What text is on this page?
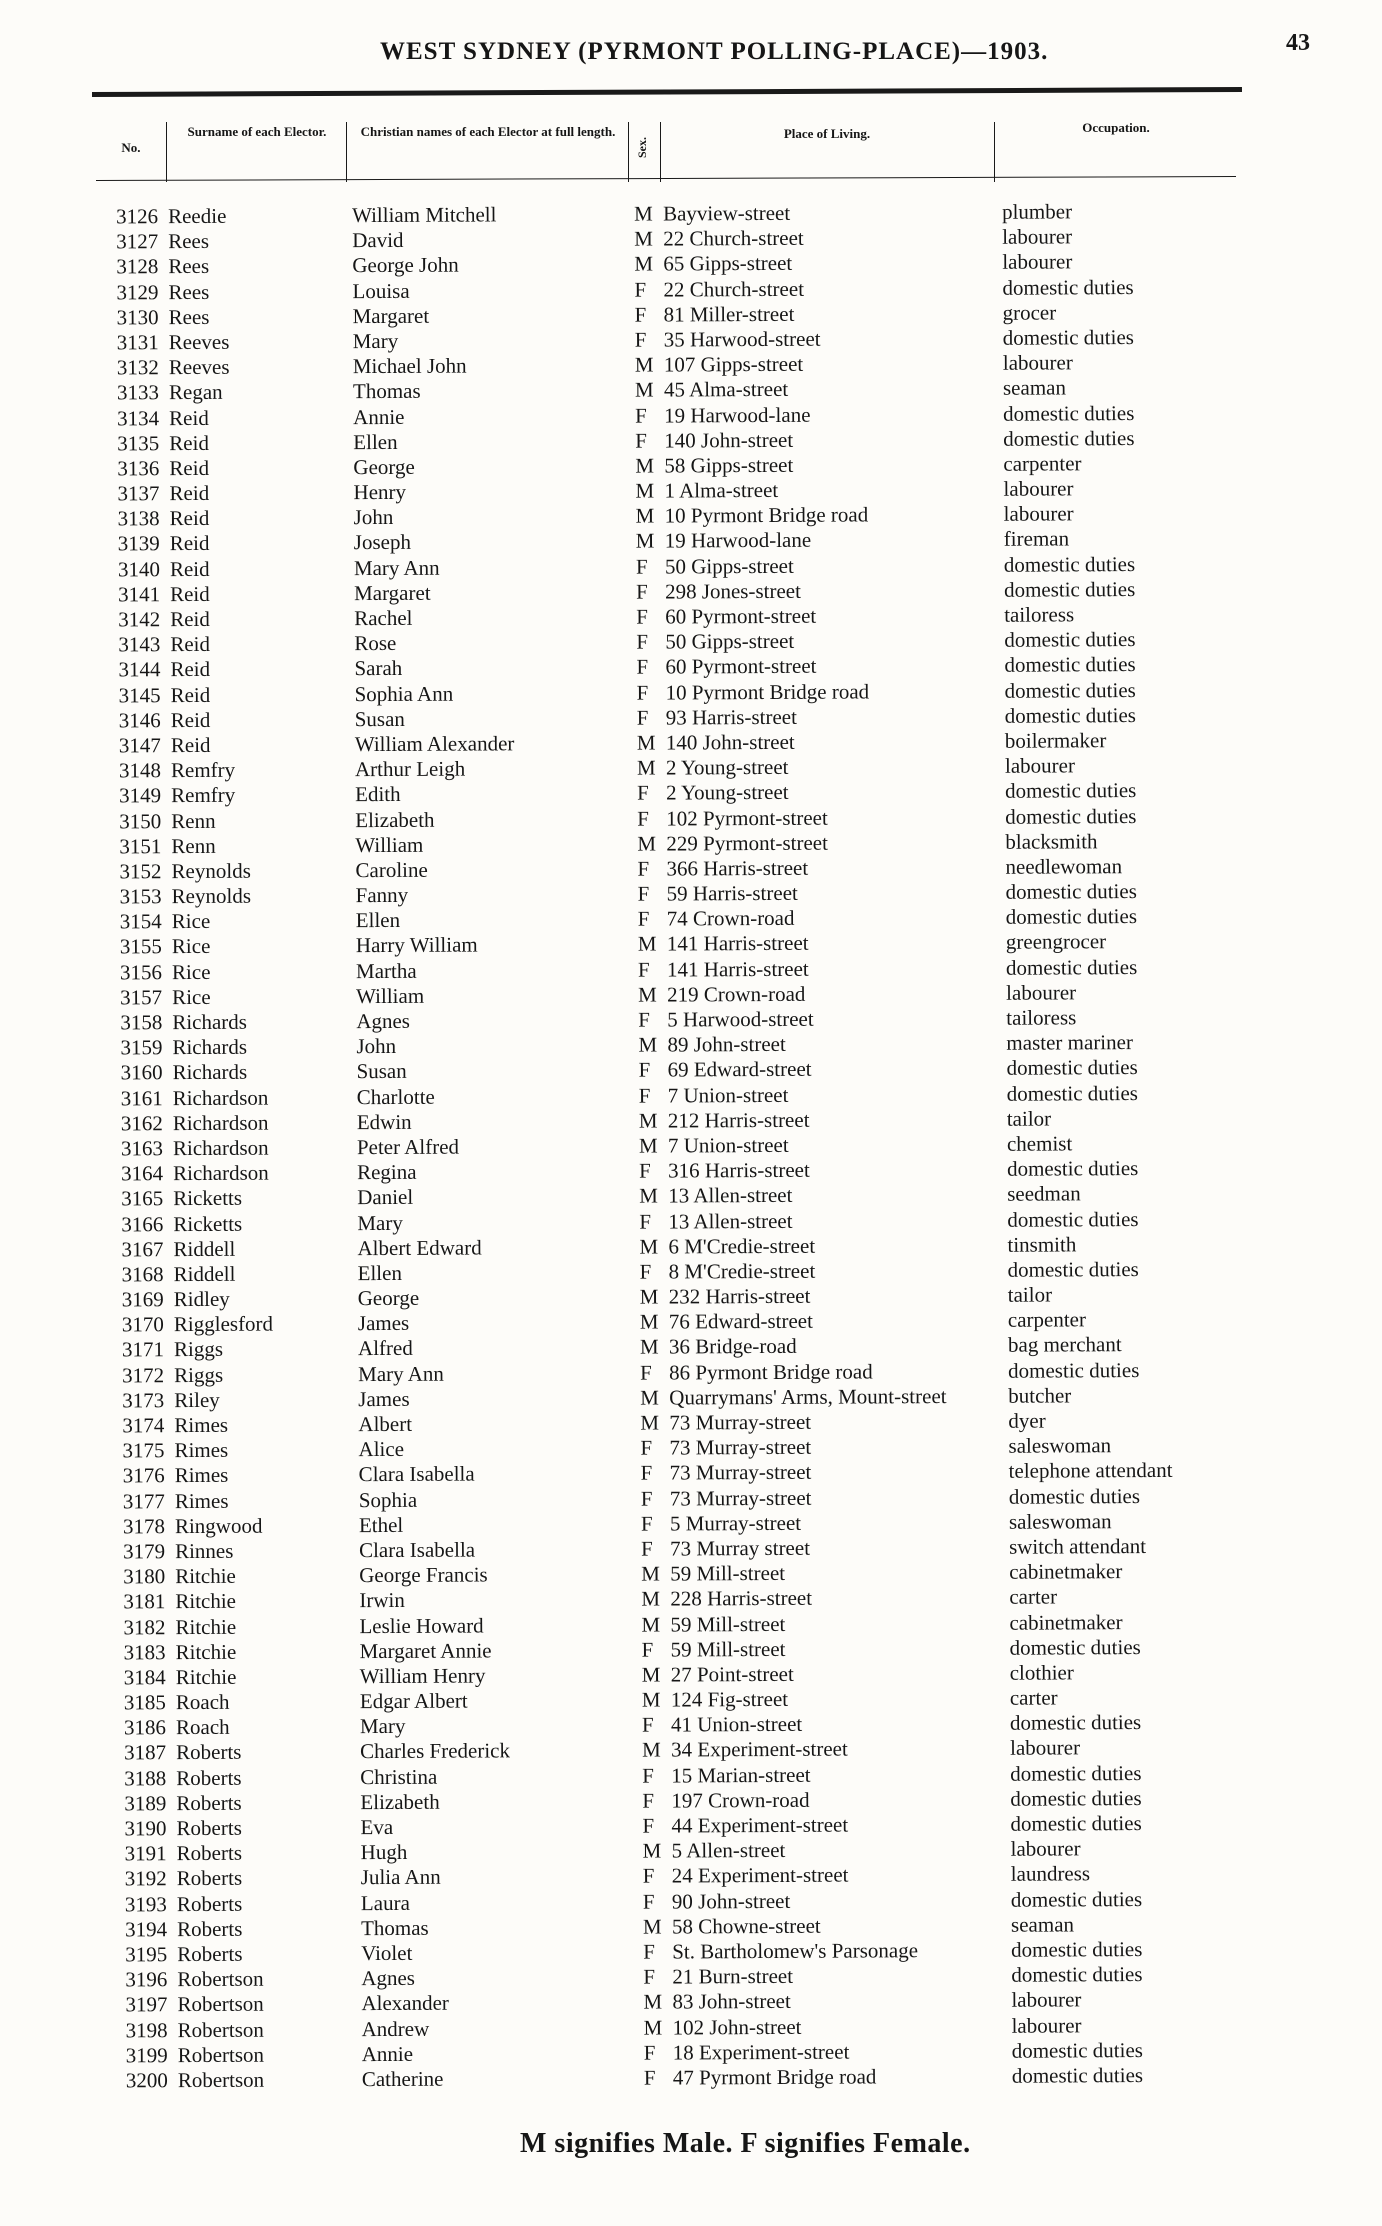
WEST SYDNEY (PYRMONT POLLING-PLACE)—1903.	43
No.
Surname of each Elector.	Christian names of each Elector at full length.
Sex.
Place of Living.	Occupation.
3126 Reedie	William Mitchell	M Bayview-street	plumber
3127 Rees	David	M 22 Church-street	labourer
3128 Rees	George John	M 65 Gipps-street	labourer
3129 Rees	Louisa	F 22 Church-street	domestic duties
3130 Rees	Margaret	F 81 Miller-street	grocer
3131 Reeves	Mary	F 35 Harwood-street	domestic duties
3132 Reeves	Michael John	M 107 Gipps-street	labourer
3133 Regan	Thomas	M 45 Alma-street	seaman
3134 Reid	Annie	F 19 Harwood-lane	domestic duties
3135 Reid	Ellen	F 140 John-street	domestic duties
3136 Reid	George	M 58 Gipps-street	carpenter
3137 Reid	Henry	M 1 Alma-street	labourer
3138 Reid	John	M 10 Pyrmont Bridge road	labourer
3139 Reid	Joseph	M 19 Harwood-lane	fireman
3140 Reid	Mary Ann	F 50 Gipps-street	domestic duties
3141 Reid	Margaret	F 298 Jones-street	domestic duties
3142 Reid	Rachel	F 60 Pyrmont-street	tailoress
3143 Reid	Rose	F 50 Gipps-street	domestic duties
3144 Reid	Sarah	F 60 Pyrmont-street	domestic duties
3145 Reid	Sophia Ann	F 10 Pyrmont Bridge road	domestic duties
3146 Reid	Susan	F 93 Harris-street	domestic duties
3147 Reid	William Alexander	M 140 John-street	boilermaker
3148 Remfry	Arthur Leigh	M 2 Young-street	labourer
3149 Remfry	Edith	F 2 Young-street	domestic duties
3150 Renn	Elizabeth	F 102 Pyrmont-street	domestic duties
3151 Renn	William	M 229 Pyrmont-street	blacksmith
3152 Reynolds	Caroline	F 366 Harris-street	needlewoman
3153 Reynolds	Fanny	F 59 Harris-street	domestic duties
3154 Rice	Ellen	F 74 Crown-road	domestic duties
3155 Rice	Harry William	M 141 Harris-street	greengrocer
3156 Rice	Martha	F 141 Harris-street	domestic duties
3157 Rice	William	M 219 Crown-road	labourer
3158 Richards	Agnes	F 5 Harwood-street	tailoress
3159 Richards	John	M 89 John-street	master mariner
3160 Richards	Susan	F 69 Edward-street	domestic duties
3161 Richardson	Charlotte	F 7 Union-street	domestic duties
3162 Richardson	Edwin	M 212 Harris-street	tailor
3163 Richardson	Peter Alfred	M 7 Union-street	chemist
3164 Richardson	Regina	F 316 Harris-street	domestic duties
3165 Ricketts	Daniel	M 13 Allen-street	seedman
3166 Ricketts	Mary	F 13 Allen-street	domestic duties
3167 Riddell	Albert Edward	M 6 M'Credie-street	tinsmith
3168 Riddell	Ellen	F 8 M'Credie-street	domestic duties
3169 Ridley	George	M 232 Harris-street	tailor
3170 Rigglesford	James	M 76 Edward-street	carpenter
3171 Riggs	Alfred	M 36 Bridge-road	bag merchant
3172 Riggs	Mary Ann	F 86 Pyrmont Bridge road	domestic duties
3173 Riley	James	M Quarrymans' Arms, Mount-street	butcher
3174 Rimes	Albert	M 73 Murray-street	dyer
3175 Rimes	Alice	F 73 Murray-street	saleswoman
3176 Rimes	Clara Isabella	F 73 Murray-street	telephone attendant
3177 Rimes	Sophia	F 73 Murray-street	domestic duties
3178 Ringwood	Ethel	F 5 Murray-street	saleswoman
3179 Rinnes	Clara Isabella	F 73 Murray street	switch attendant
3180 Ritchie	George Francis	M 59 Mill-street	cabinetmaker
3181 Ritchie	Irwin	M 228 Harris-street	carter
3182 Ritchie	Leslie Howard	M 59 Mill-street	cabinetmaker
3183 Ritchie	Margaret Annie	F 59 Mill-street	domestic duties
3184 Ritchie	William Henry	M 27 Point-street	clothier
3185 Roach	Edgar Albert	M 124 Fig-street	carter
3186 Roach	Mary	F 41 Union-street	domestic duties
3187 Roberts	Charles Frederick	M 34 Experiment-street	labourer
3188 Roberts	Christina	F 15 Marian-street	domestic duties
3189 Roberts	Elizabeth	F 197 Crown-road	domestic duties
3190 Roberts	Eva	F 44 Experiment-street	domestic duties
3191 Roberts	Hugh	M 5 Allen-street	labourer
3192 Roberts	Julia Ann	F 24 Experiment-street	laundress
3193 Roberts	Laura	F 90 John-street	domestic duties
3194 Roberts	Thomas	M 58 Chowne-street	seaman
3195 Roberts	Violet	F St. Bartholomew's Parsonage	domestic duties
3196 Robertson	Agnes	F 21 Burn-street	domestic duties
3197 Robertson	Alexander	M 83 John-street	labourer
3198 Robertson	Andrew	M 102 John-street	labourer
3199 Robertson	Annie	F 18 Experiment-street	domestic duties
3200 Robertson	Catherine	F 47 Pyrmont Bridge road	domestic duties
M signifies Male. F signifies Female.
